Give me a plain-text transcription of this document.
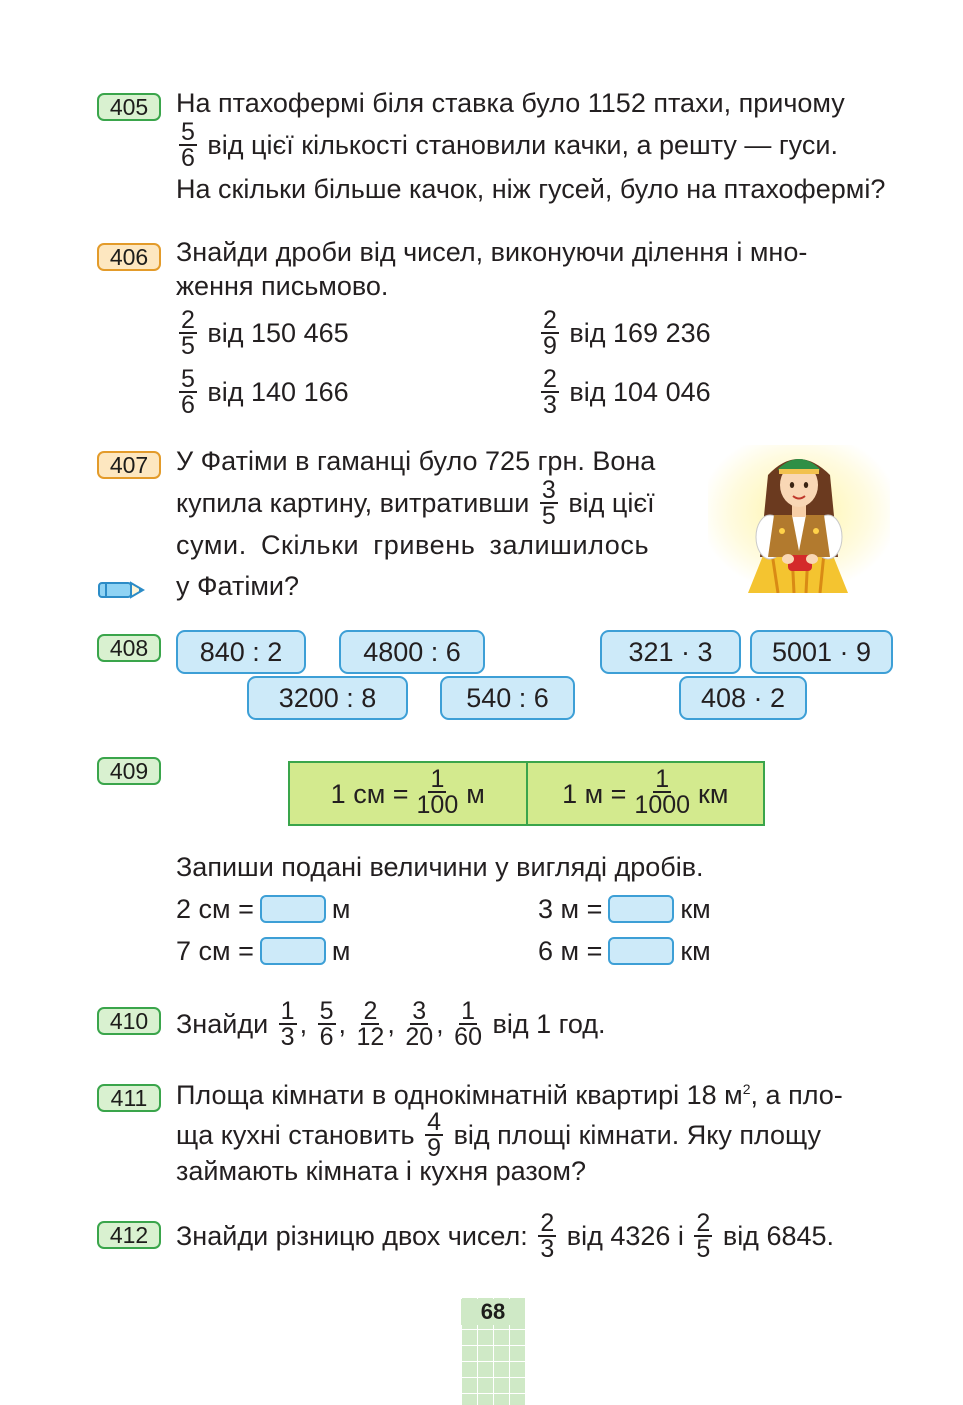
405	На птахофермі біля ставка було 1152 птахи, причому
$\frac{5}{6}$ від цієї кількості становили качки, а решту — гуси.
На скільки більше качок, ніж гусей, було на птахофермі?
406	Знайди дроби від чисел, виконуючи ділення і мно-
ження письмово.
$\frac{2}{5}$ від 150 465	$\frac{2}{9}$ від 169 236
$\frac{5}{6}$ від 140 166	$\frac{2}{3}$ від 104 046
407	У Фатіми в гаманці було 725 грн. Вона
купила картину, витративши $\frac{3}{5}$ від цієї
суми. Скільки гривень залишилось
у Фатіми?
408	840 : 2	4800 : 6	321 · 3	5001 · 9
3200 : 8	540 : 6	408 · 2
409
1 см = $\frac{1}{100}$ м	1 $м = \frac{1}{1000}$ км
Запиши подані величини у вигляді дробів.
2 см =	м	3 м =	км
7 см =	м	6 м =	км
410	Знайди $\frac{1}{3}$ , $\frac{5}{6}$ , $\frac{2}{12}$ , $\frac{3}{20}$ , $\frac{1}{60}$ від 1 год.
411	Площа кімнати в однокімнатній квартирі 18 $м^2$, а пло-
ща кухні становить $\frac{4}{9}$ від площі кімнати. Яку площу
займають кімната і кухня разом?
412	Знайди різницю двох чисел: $\frac{2}{3}$ від 4326 і $\frac{2}{5}$ від 6845.
68
